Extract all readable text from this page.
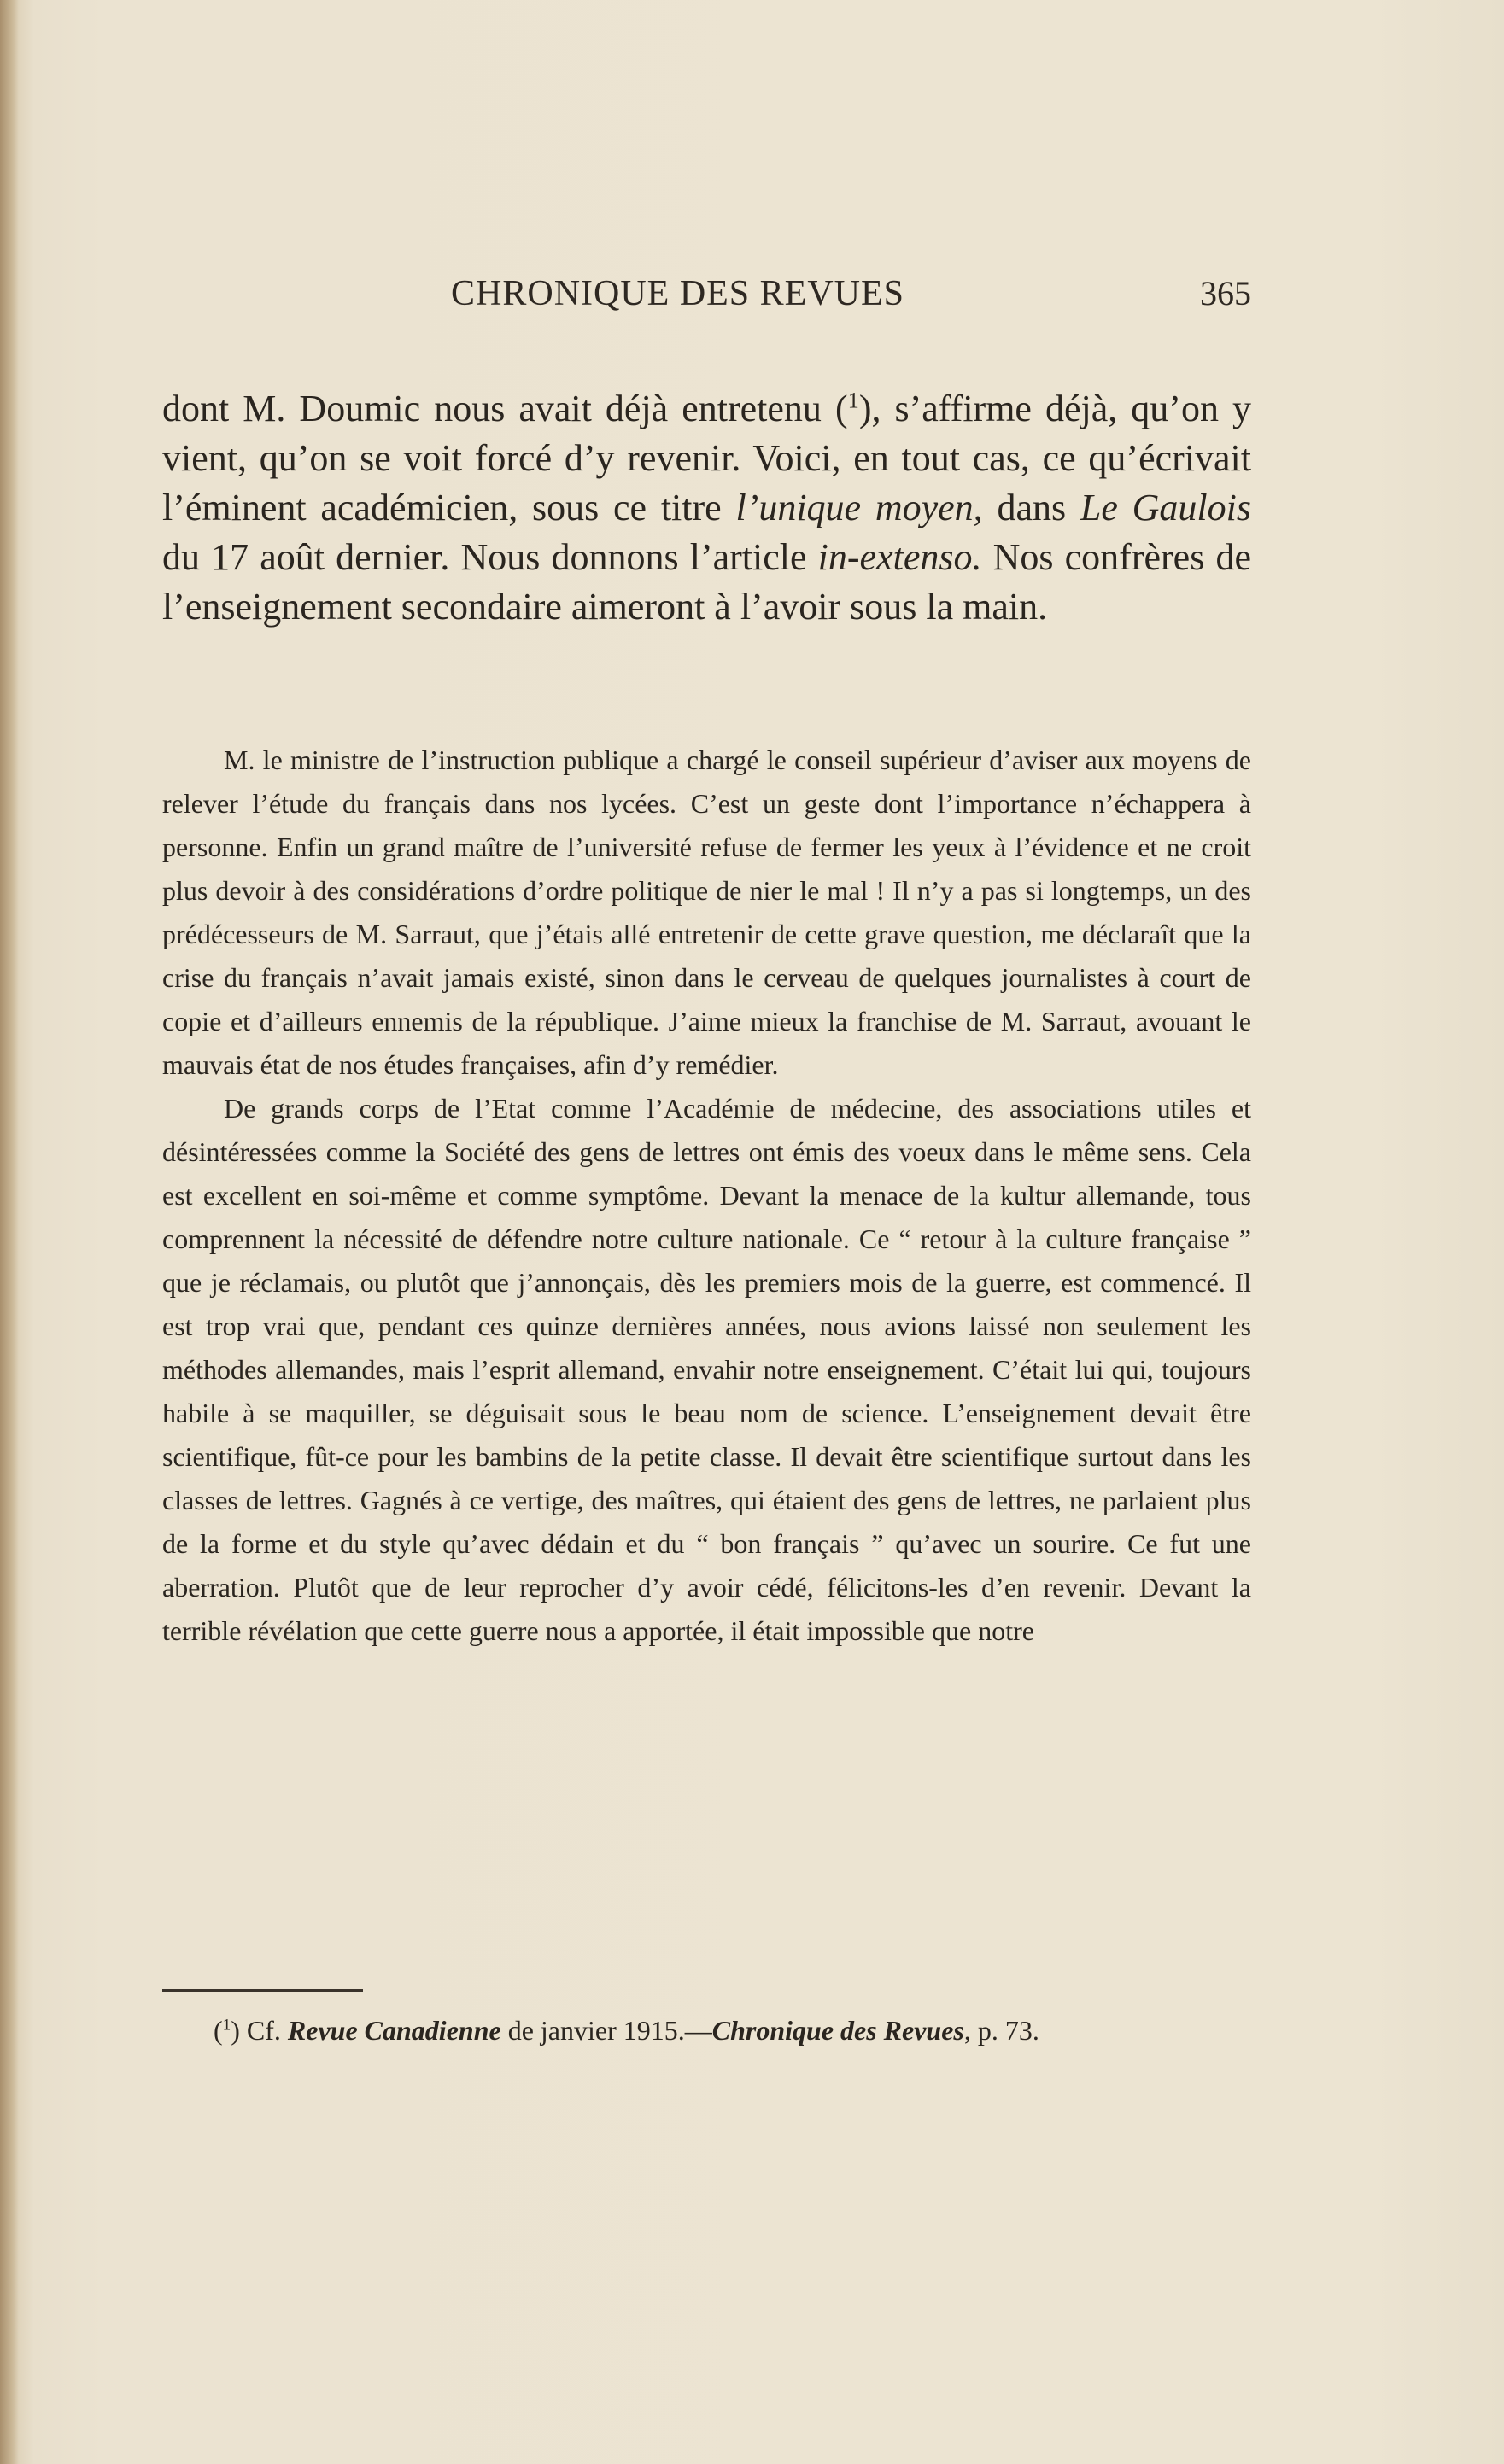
CHRONIQUE DES REVUES	365

dont M. Doumic nous avait déjà entretenu ($^1$), s’affirme déjà, qu’on y vient, qu’on se voit forcé d’y revenir. Voici, en tout cas, ce qu’écrivait l’éminent académicien, sous ce titre l’unique moyen, dans Le Gaulois du 17 août dernier. Nous donnons l’article in-extenso. Nos confrères de l’enseignement secondaire aimeront à l’avoir sous la main.

M. le ministre de l’instruction publique a chargé le conseil supérieur d’aviser aux moyens de relever l’étude du français dans nos lycées. C’est un geste dont l’importance n’échappera à personne. Enfin un grand maître de l’université refuse de fermer les yeux à l’évidence et ne croit plus devoir à des considérations d’ordre politique de nier le mal ! Il n’y a pas si longtemps, un des prédécesseurs de M. Sarraut, que j’étais allé entretenir de cette grave question, me déclaraît que la crise du français n’avait jamais existé, sinon dans le cerveau de quelques journalistes à court de copie et d’ailleurs ennemis de la république. J’aime mieux la franchise de M. Sarraut, avouant le mauvais état de nos études françaises, afin d’y remédier.

De grands corps de l’Etat comme l’Académie de médecine, des associations utiles et désintéressées comme la Société des gens de lettres ont émis des voeux dans le même sens. Cela est excellent en soi-même et comme symptôme. Devant la menace de la kultur allemande, tous comprennent la nécessité de défendre notre culture nationale. Ce “ retour à la culture française ” que je réclamais, ou plutôt que j’annonçais, dès les premiers mois de la guerre, est commencé. Il est trop vrai que, pendant ces quinze dernières années, nous avions laissé non seulement les méthodes allemandes, mais l’esprit allemand, envahir notre enseignement. C’était lui qui, toujours habile à se maquiller, se déguisait sous le beau nom de science. L’enseignement devait être scientifique, fût-ce pour les bambins de la petite classe. Il devait être scientifique surtout dans les classes de lettres. Gagnés à ce vertige, des maîtres, qui étaient des gens de lettres, ne parlaient plus de la forme et du style qu’avec dédain et du “ bon français ” qu’avec un sourire. Ce fut une aberration. Plutôt que de leur reprocher d’y avoir cédé, félicitons-les d’en revenir. Devant la terrible révélation que cette guerre nous a apportée, il était impossible que notre

($^1$) Cf. Revue Canadienne de janvier 1915.—Chronique des Revues, p. 73.
